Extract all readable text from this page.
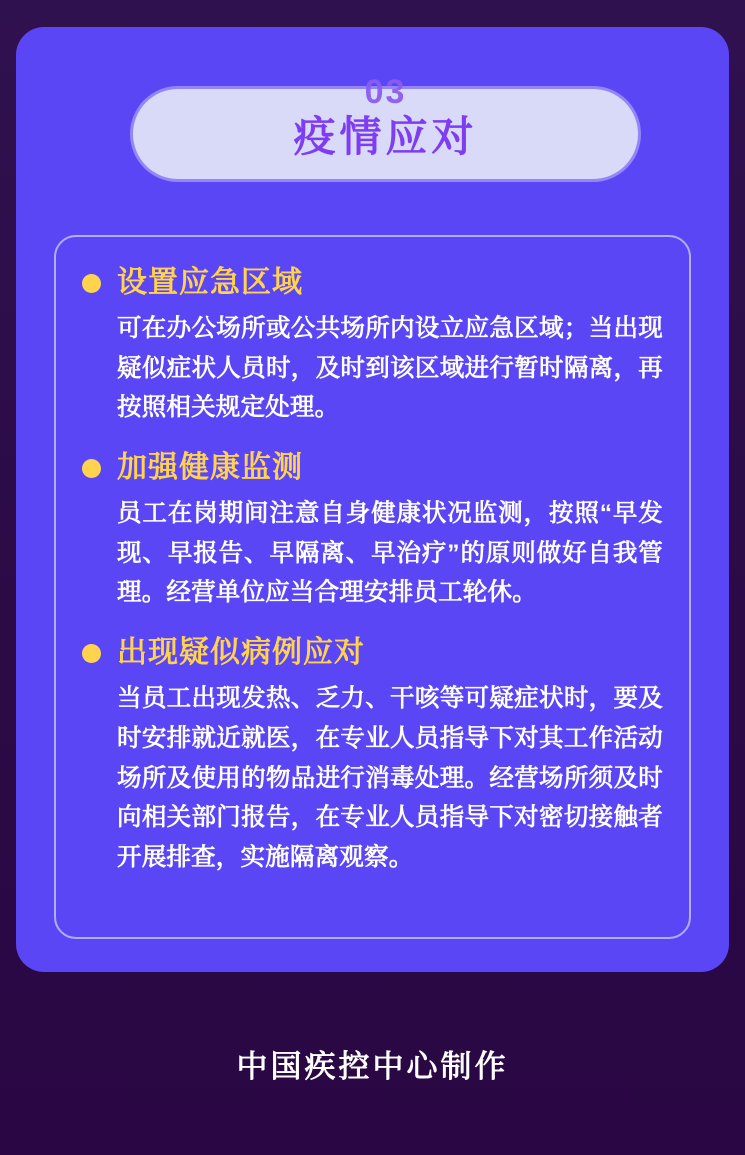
03
疫情应对
设置应急区域
可在办公场所或公共场所内设立应急区域；当出现疑似症状人员时，及时到该区域进行暂时隔离，再按照相关规定处理。
加强健康监测
员工在岗期间注意自身健康状况监测，按照“早发现、早报告、早隔离、早治疗”的原则做好自我管理。经营单位应当合理安排员工轮休。
出现疑似病例应对
当员工出现发热、乏力、干咳等可疑症状时，要及时安排就近就医，在专业人员指导下对其工作活动场所及使用的物品进行消毒处理。经营场所须及时向相关部门报告，在专业人员指导下对密切接触者开展排查，实施隔离观察。
中国疾控中心制作
